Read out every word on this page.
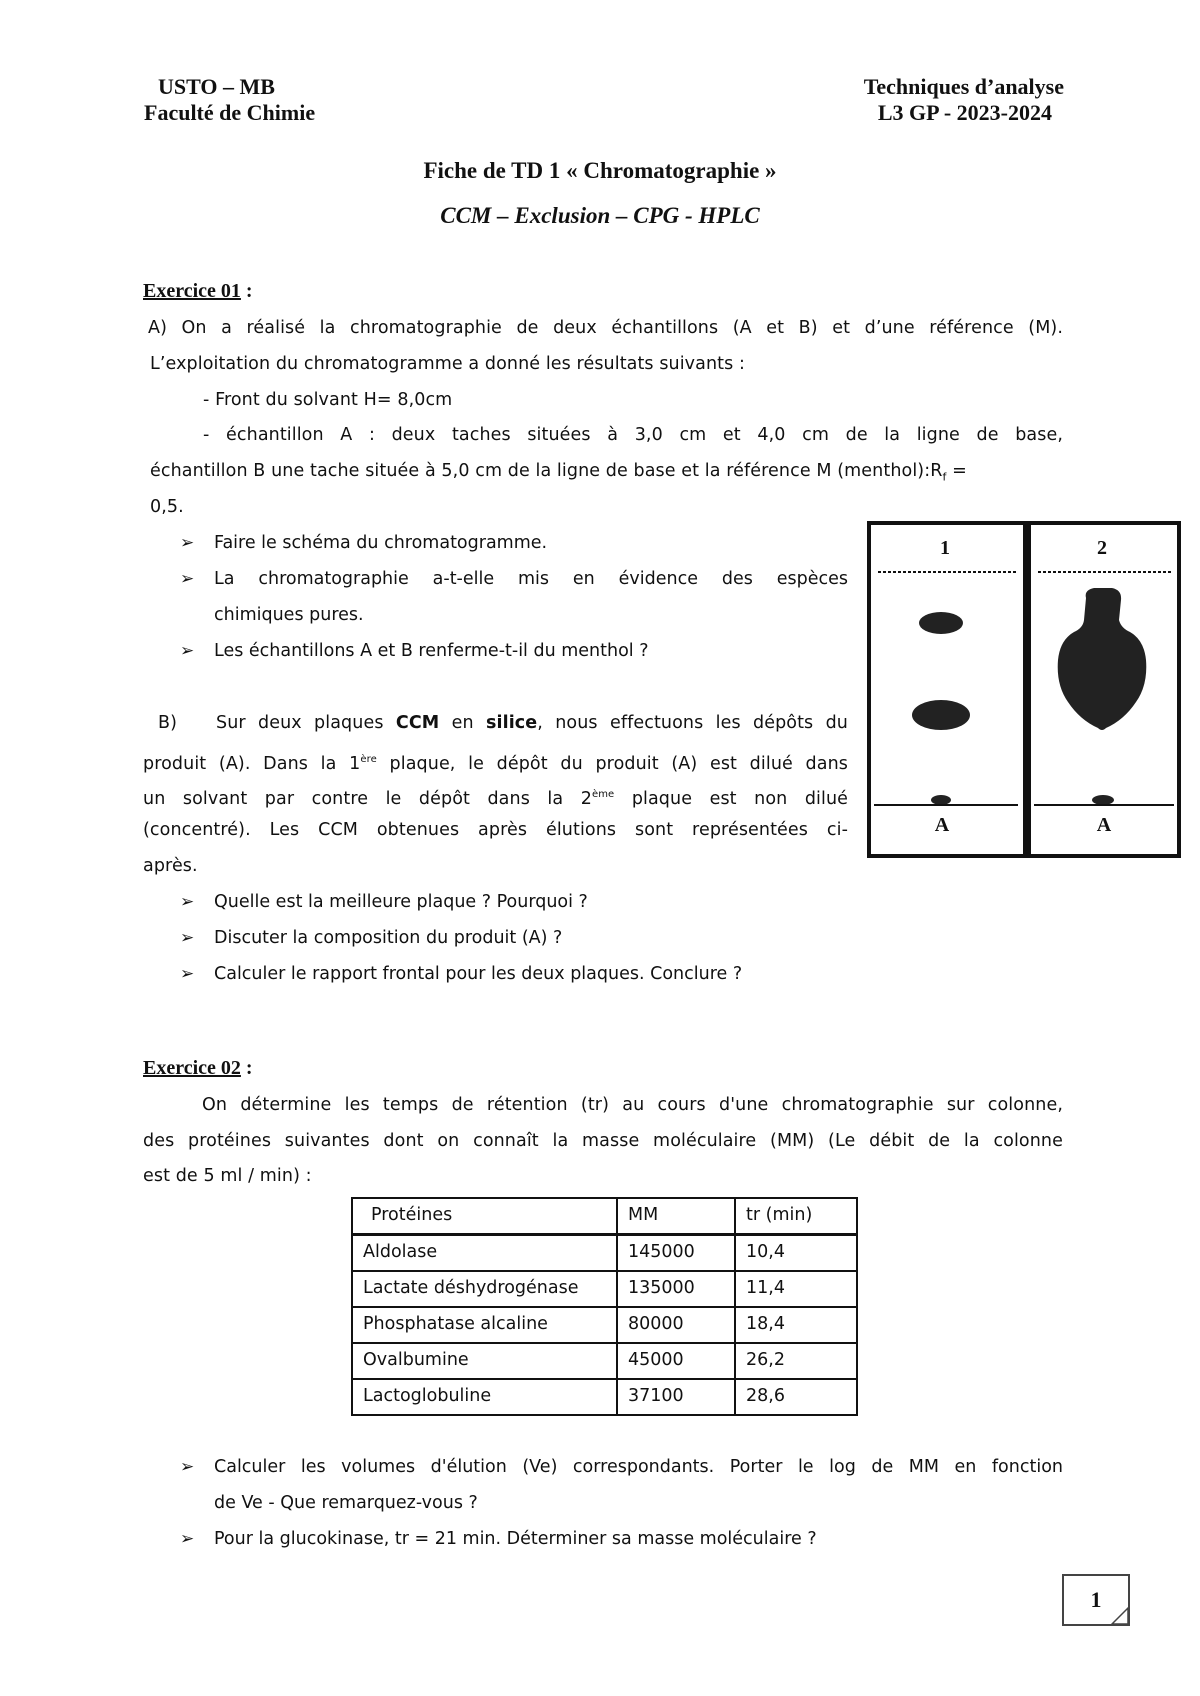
USTO – MB
Faculté de Chimie
Techniques d’analyse
L3 GP - 2023-2024
Fiche de TD 1 « Chromatographie »
CCM – Exclusion – CPG - HPLC
Exercice 01 :
A) On a réalisé la chromatographie de deux échantillons (A et B) et d’une référence (M).
L’exploitation du chromatogramme a donné les résultats suivants :
- Front du solvant H= 8,0cm
- échantillon A : deux taches situées à 3,0 cm et 4,0 cm de la ligne de base,
échantillon B une tache située à 5,0 cm de la ligne de base et la référence M $(menthol):R_f$ =
0,5.
➢ Faire le schéma du chromatogramme.
➢ La chromatographie a-t-elle mis en évidence des espèces
chimiques pures.
➢ Les échantillons A et B renferme-t-il du menthol ?
B) Sur deux plaques CCM en silice, nous effectuons les dépôts du
produit (A). Dans la 1ère plaque, le dépôt du produit (A) est dilué dans
un solvant par contre le dépôt dans la 2ème plaque est non dilué
(concentré). Les CCM obtenues après élutions sont représentées ci-
après.
➢ Quelle est la meilleure plaque ? Pourquoi ?
➢ Discuter la composition du produit (A) ?
➢ Calculer le rapport frontal pour les deux plaques. Conclure ?
1
A
2
A
Exercice 02 :
On détermine les temps de rétention (tr) au cours d'une chromatographie sur colonne,
des protéines suivantes dont on connaît la masse moléculaire (MM) (Le débit de la colonne
est de 5 ml / min) :
Protéines	MM	tr (min)
Aldolase	145000	10,4
Lactate déshydrogénase	135000	11,4
Phosphatase alcaline	80000	18,4
Ovalbumine	45000	26,2
Lactoglobuline	37100	28,6
➢ Calculer les volumes d'élution (Ve) correspondants. Porter le log de MM en fonction
de Ve - Que remarquez-vous ?
➢ Pour la glucokinase, tr = 21 min. Déterminer sa masse moléculaire ?
1
